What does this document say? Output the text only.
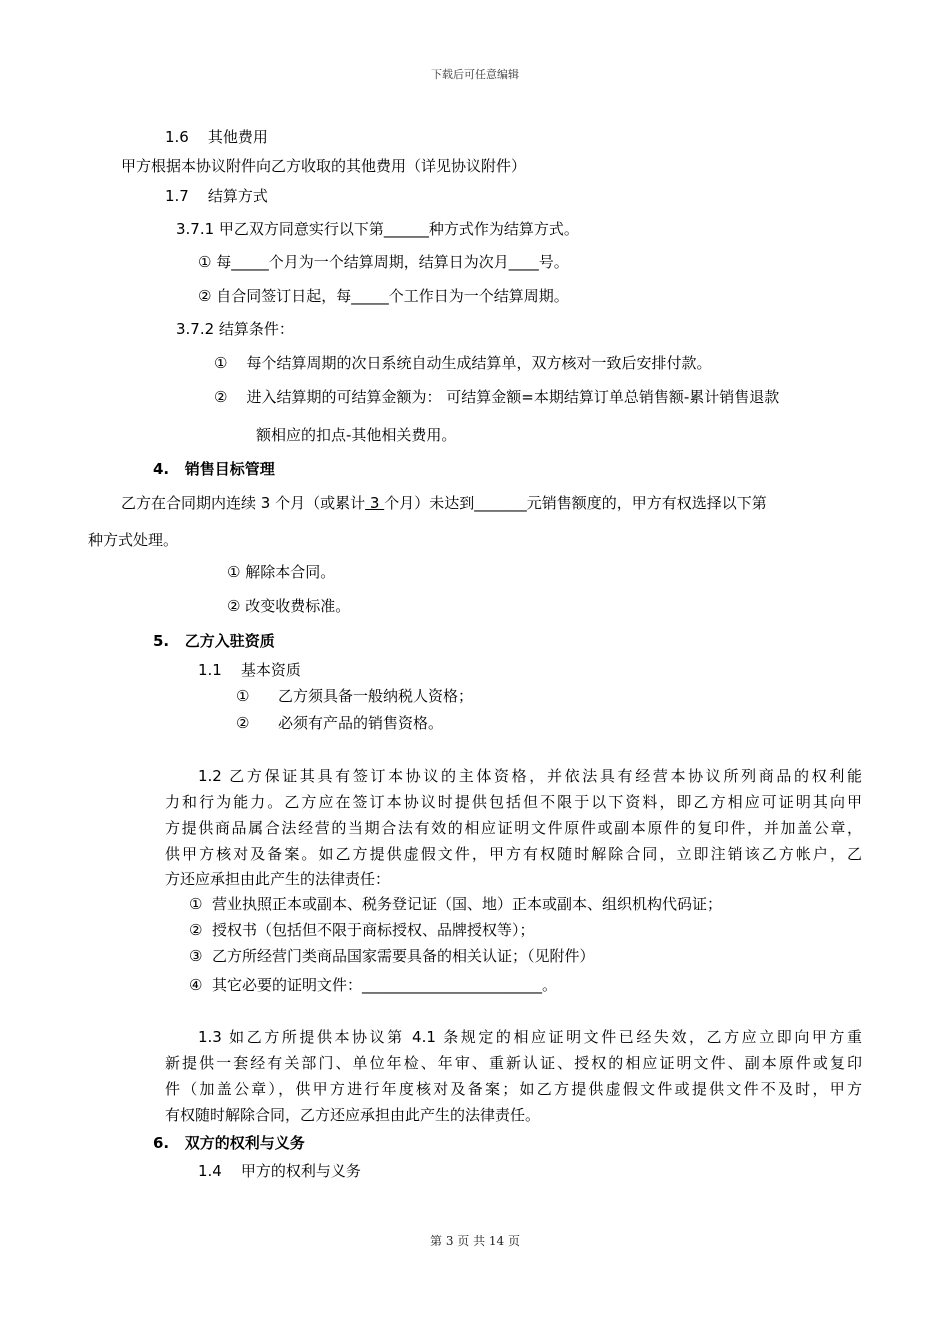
下载后可任意编辑
1.6    其他费用
甲方根据本协议附件向乙方收取的其他费用（详见协议附件）
1.7    结算方式
3.7.1 甲乙双方同意实行以下第______种方式作为结算方式。
① 每_____个月为一个结算周期，结算日为次月____号。
② 自合同签订日起，每_____个工作日为一个结算周期。
3.7.2 结算条件：
①    每个结算周期的次日系统自动生成结算单，双方核对一致后安排付款。
②    进入结算期的可结算金额为： 可结算金额=本期结算订单总销售额-累计销售退款
额相应的扣点-其他相关费用。
4.   销售目标管理
乙方在合同期内连续 3 个月（或累计 3 个月）未达到_______元销售额度的，甲方有权选择以下第
种方式处理。
① 解除本合同。
② 改变收费标准。
5.   乙方入驻资质
1.1    基本资质
①      乙方须具备一般纳税人资格；
②      必须有产品的销售资格。
1.2 乙方保证其具有签订本协议的主体资格，并依法具有经营本协议所列商品的权利能
力和行为能力。乙方应在签订本协议时提供包括但不限于以下资料，即乙方相应可证明其向甲
方提供商品属合法经营的当期合法有效的相应证明文件原件或副本原件的复印件，并加盖公章，
供甲方核对及备案。如乙方提供虚假文件，甲方有权随时解除合同，立即注销该乙方帐户，乙
方还应承担由此产生的法律责任：
①  营业执照正本或副本、税务登记证（国、地）正本或副本、组织机构代码证；
②  授权书（包括但不限于商标授权、品牌授权等）；
③  乙方所经营门类商品国家需要具备的相关认证；（见附件）
④  其它必要的证明文件：________________________。
1.3 如乙方所提供本协议第 4.1 条规定的相应证明文件已经失效，乙方应立即向甲方重
新提供一套经有关部门、单位年检、年审、重新认证、授权的相应证明文件、副本原件或复印
件（加盖公章），供甲方进行年度核对及备案；如乙方提供虚假文件或提供文件不及时，甲方
有权随时解除合同，乙方还应承担由此产生的法律责任。
6.   双方的权利与义务
1.4    甲方的权利与义务
第 3 页 共 14 页
